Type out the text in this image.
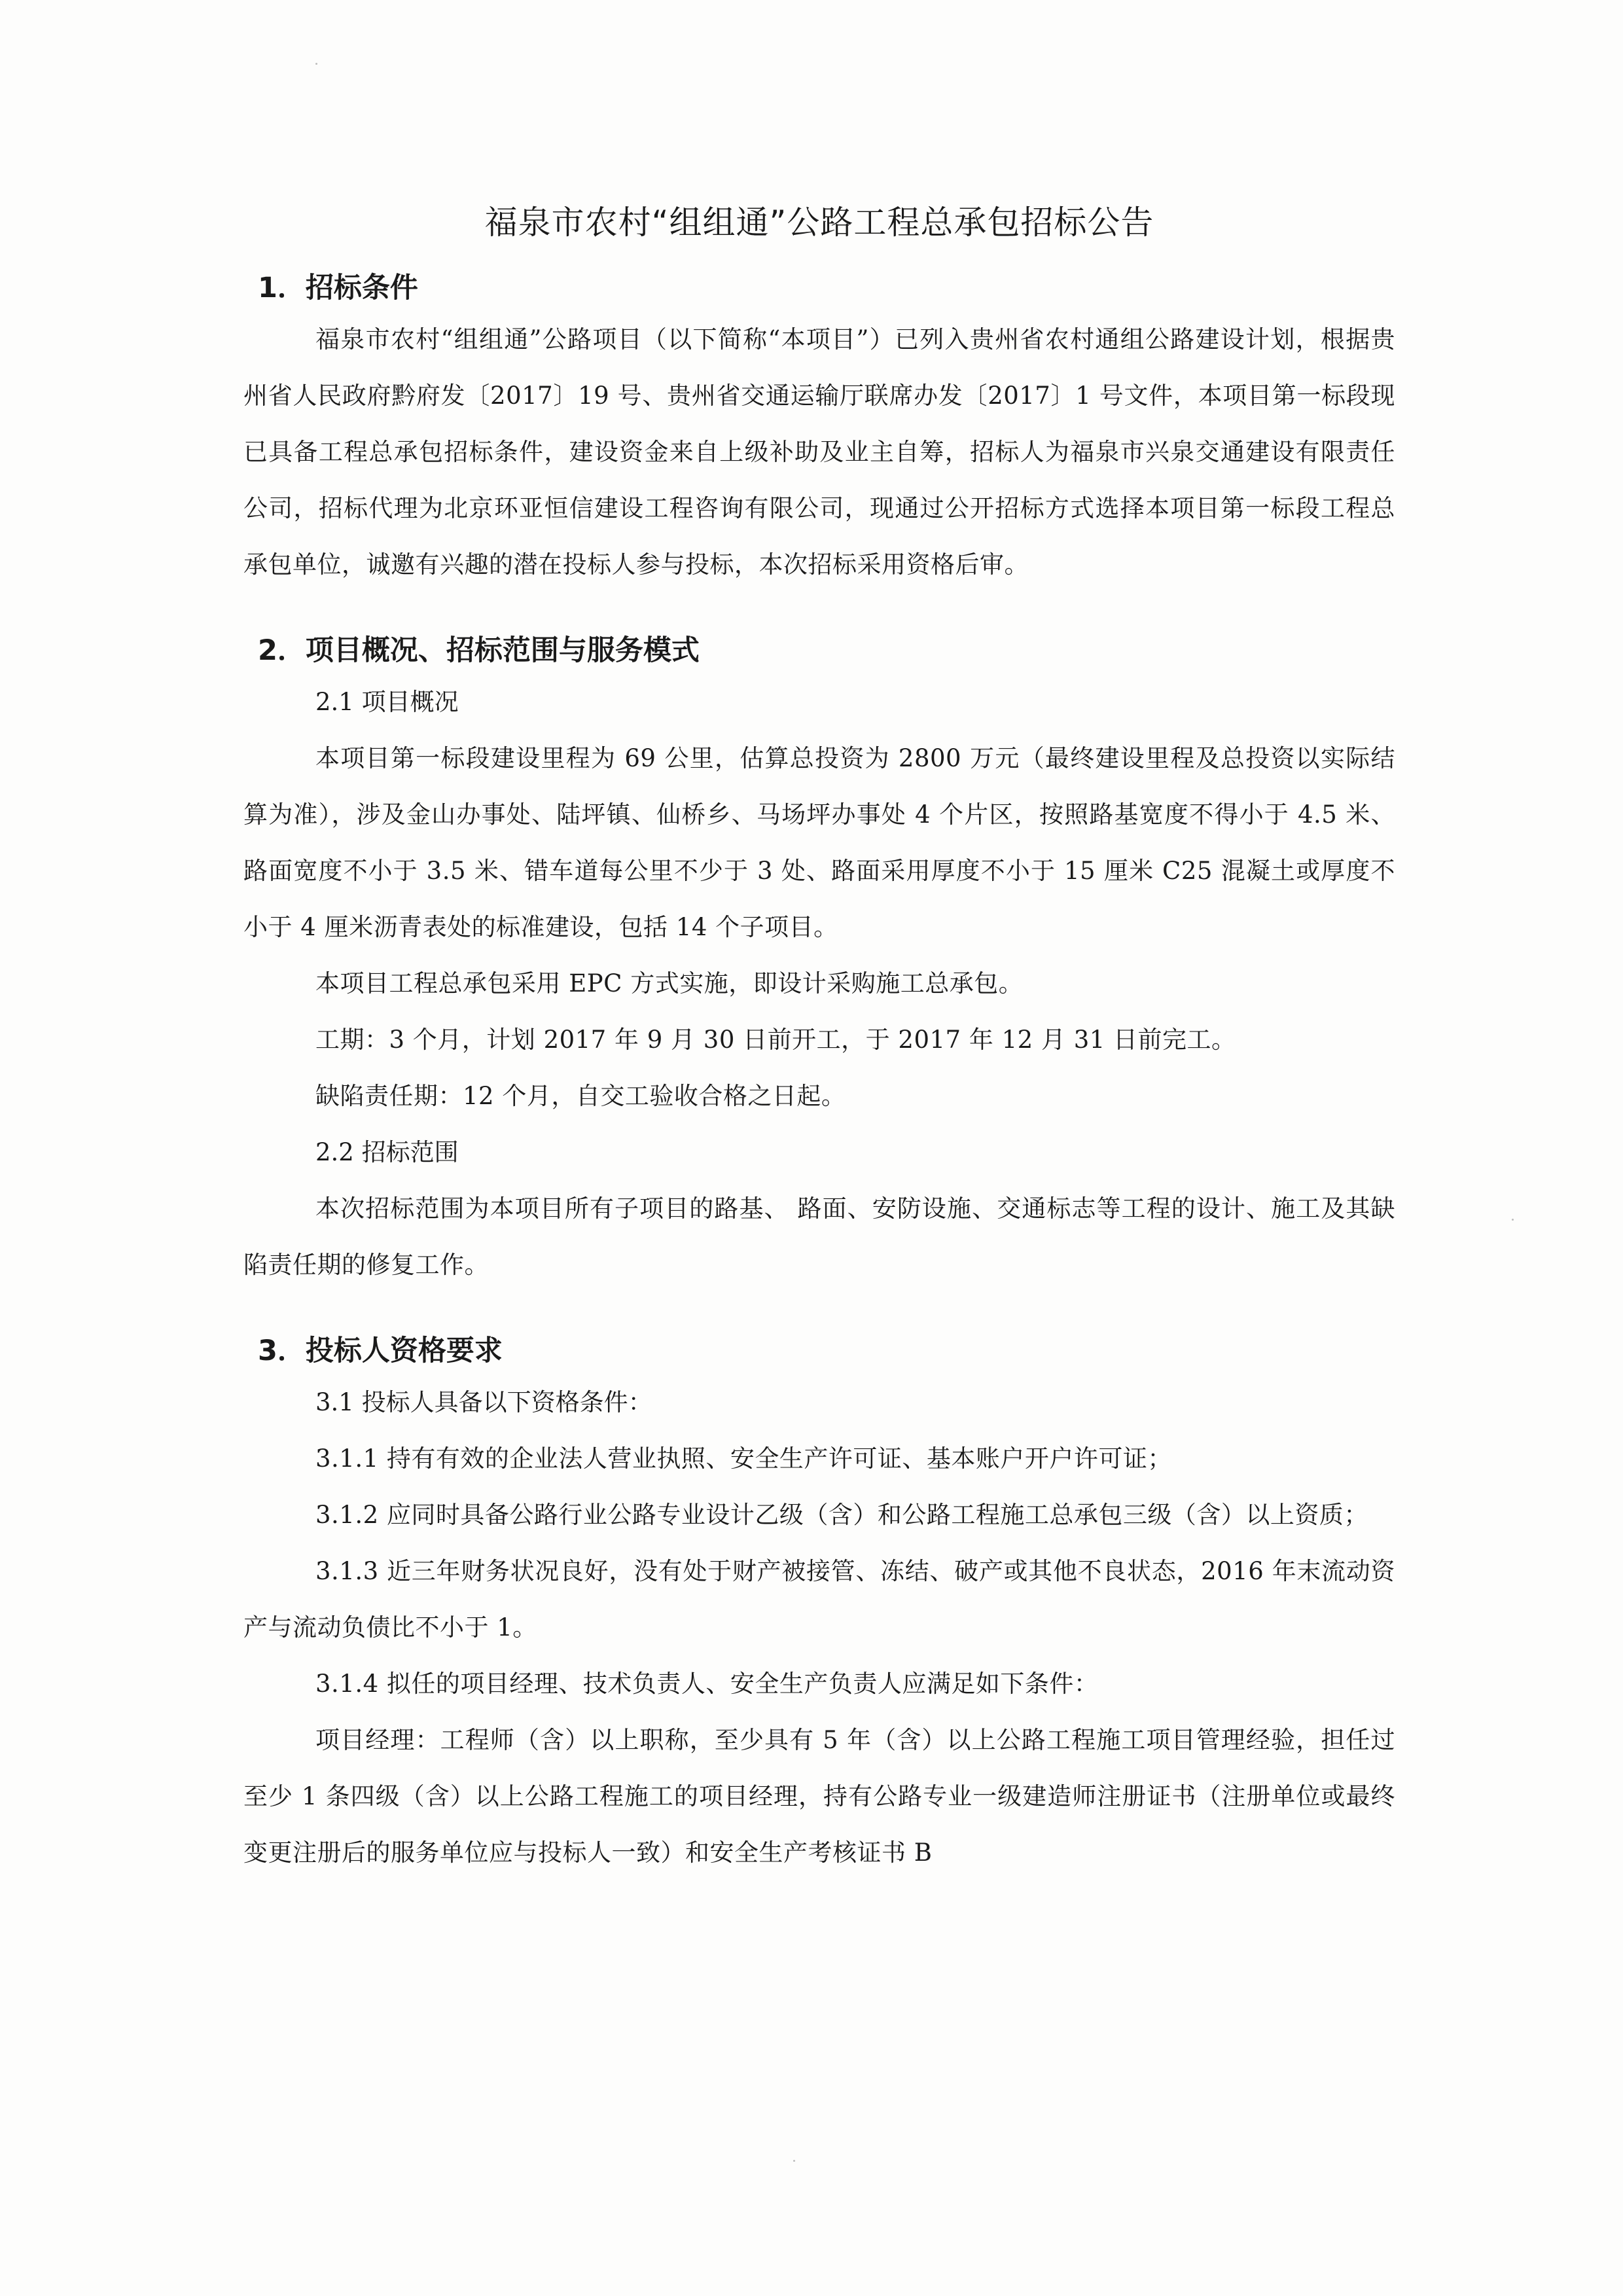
福泉市农村“组组通”公路工程总承包招标公告
1．招标条件

福泉市农村“组组通”公路项目（以下简称“本项目”）已列入贵州省农村通组公路建设计划，根据贵州省人民政府黔府发〔2017〕19 号、贵州省交通运输厅联席办发〔2017〕1 号文件，本项目第一标段现已具备工程总承包招标条件，建设资金来自上级补助及业主自筹，招标人为福泉市兴泉交通建设有限责任公司，招标代理为北京环亚恒信建设工程咨询有限公司，现通过公开招标方式选择本项目第一标段工程总承包单位，诚邀有兴趣的潜在投标人参与投标，本次招标采用资格后审。

2．项目概况、招标范围与服务模式
2.1 项目概况

本项目第一标段建设里程为 69 公里，估算总投资为 2800 万元（最终建设里程及总投资以实际结算为准），涉及金山办事处、陆坪镇、仙桥乡、马场坪办事处 4 个片区，按照路基宽度不得小于 4.5 米、路面宽度不小于 3.5 米、错车道每公里不少于 3 处、路面采用厚度不小于 15 厘米 C25 混凝土或厚度不小于 4 厘米沥青表处的标准建设，包括 14 个子项目。

本项目工程总承包采用 EPC 方式实施，即设计采购施工总承包。

工期：3 个月，计划 2017 年 9 月 30 日前开工，于 2017 年 12 月 31 日前完工。

缺陷责任期：12 个月，自交工验收合格之日起。

2.2 招标范围

本次招标范围为本项目所有子项目的路基、 路面、安防设施、交通标志等工程的设计、施工及其缺陷责任期的修复工作。

3．投标人资格要求
3.1 投标人具备以下资格条件：

3.1.1 持有有效的企业法人营业执照、安全生产许可证、基本账户开户许可证；

3.1.2 应同时具备公路行业公路专业设计乙级（含）和公路工程施工总承包三级（含）以上资质；

3.1.3 近三年财务状况良好，没有处于财产被接管、冻结、破产或其他不良状态，2016 年末流动资产与流动负债比不小于 1。

3.1.4 拟任的项目经理、技术负责人、安全生产负责人应满足如下条件：

项目经理：工程师（含）以上职称，至少具有 5 年（含）以上公路工程施工项目管理经验，担任过至少 1 条四级（含）以上公路工程施工的项目经理，持有公路专业一级建造师注册证书（注册单位或最终变更注册后的服务单位应与投标人一致）和安全生产考核证书 B
